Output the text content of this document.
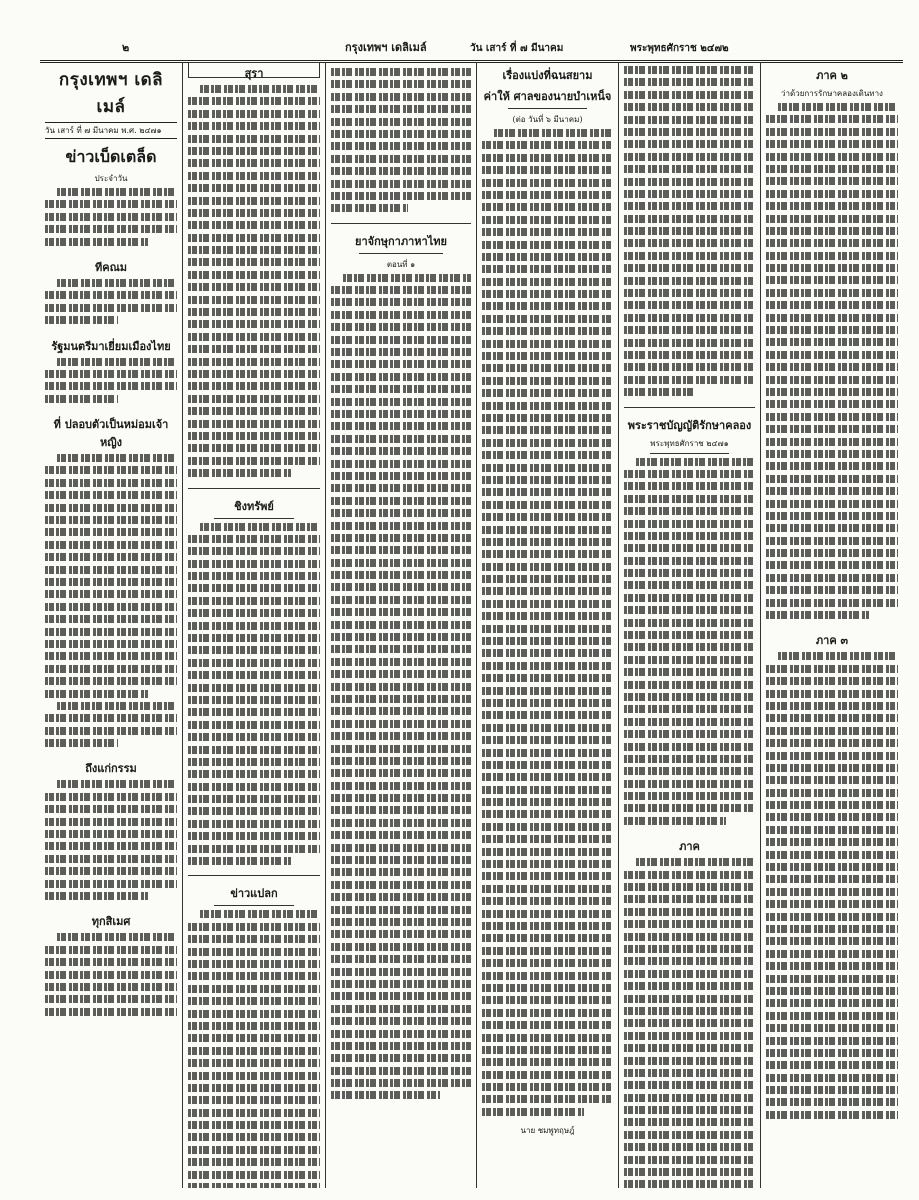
๒	กรุงเทพฯ เดลิเมล์	วัน เสาร์ ที่ ๗ มีนาคม	พระพุทธศักราช ๒๔๗๒
กรุงเทพฯ เดลิเมล์
วัน เสาร์ ที่ ๗ มีนาคม พ.ศ. ๒๔๗๑
ข่าวเบ็ดเตล็ด
ประจำวัน
ทีคณม
รัฐมนตรีมาเยี่ยมเมืองไทย
ที่ ปลอบตัวเป็นหม่อมเจ้าหญิง
ถึงแก่กรรม
ทุกสิเมศ
สุรา
ชิงทรัพย์
ข่าวแปลก
ยาจักษุกาภาหาไทย
ตอนที่ ๑
เรื่องแบ่งที่ฉนสยาม
ค่าให้ ศาลของนายบำเหน็จ
(ต่อ วันที่ ๖ มีนาคม)
นาย ชมพูทฤษฎ์
พระราชบัญญัติรักษาคลอง
พระพุทธศักราช ๒๔๗๑
ภาค
ภาค ๒
ว่าด้วยการรักษาคลองเดินทาง
ภาค ๓
